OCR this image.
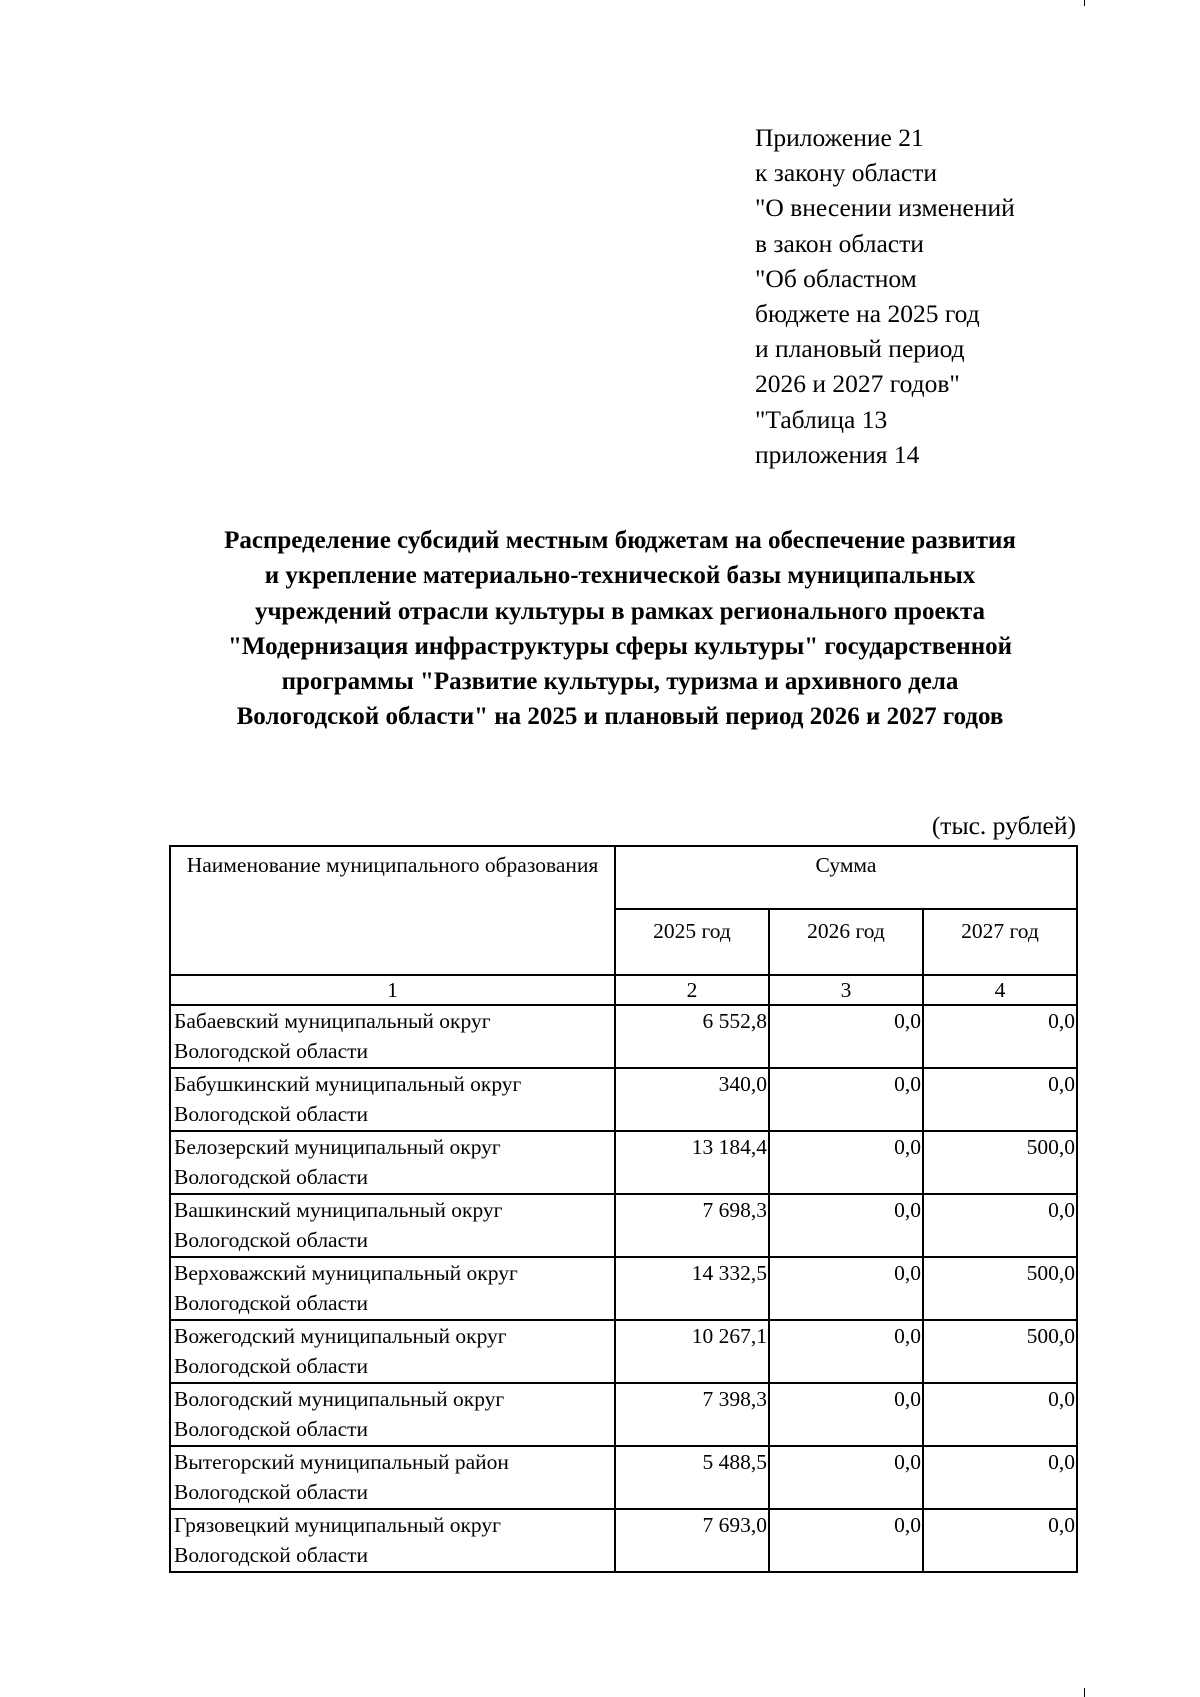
Приложение 21
к закону области
"О внесении изменений
в закон области
"Об областном
бюджете на 2025 год
и плановый период
2026 и 2027 годов"
"Таблица 13
приложения 14
Распределение субсидий местным бюджетам на обеспечение развития
и укрепление материально-технической базы муниципальных
учреждений отрасли культуры в рамках регионального проекта
"Модернизация инфраструктуры сферы культуры" государственной
программы "Развитие культуры, туризма и архивного дела
Вологодской области" на 2025 и плановый период 2026 и 2027 годов
(тыс. рублей)
Наименование муниципального образования	Сумма		
	2025 год	2026 год	2027 год
1	2	3	4
Бабаевский муниципальный округ Вологодской области	6 552,8	0,0	0,0
Бабушкинский муниципальный округ Вологодской области	340,0	0,0	0,0
Белозерский муниципальный округ Вологодской области	13 184,4	0,0	500,0
Вашкинский муниципальный округ Вологодской области	7 698,3	0,0	0,0
Верховажский муниципальный округ Вологодской области	14 332,5	0,0	500,0
Вожегодский муниципальный округ Вологодской области	10 267,1	0,0	500,0
Вологодский муниципальный округ Вологодской области	7 398,3	0,0	0,0
Вытегорский муниципальный район Вологодской области	5 488,5	0,0	0,0
Грязовецкий муниципальный округ Вологодской области	7 693,0	0,0	0,0
